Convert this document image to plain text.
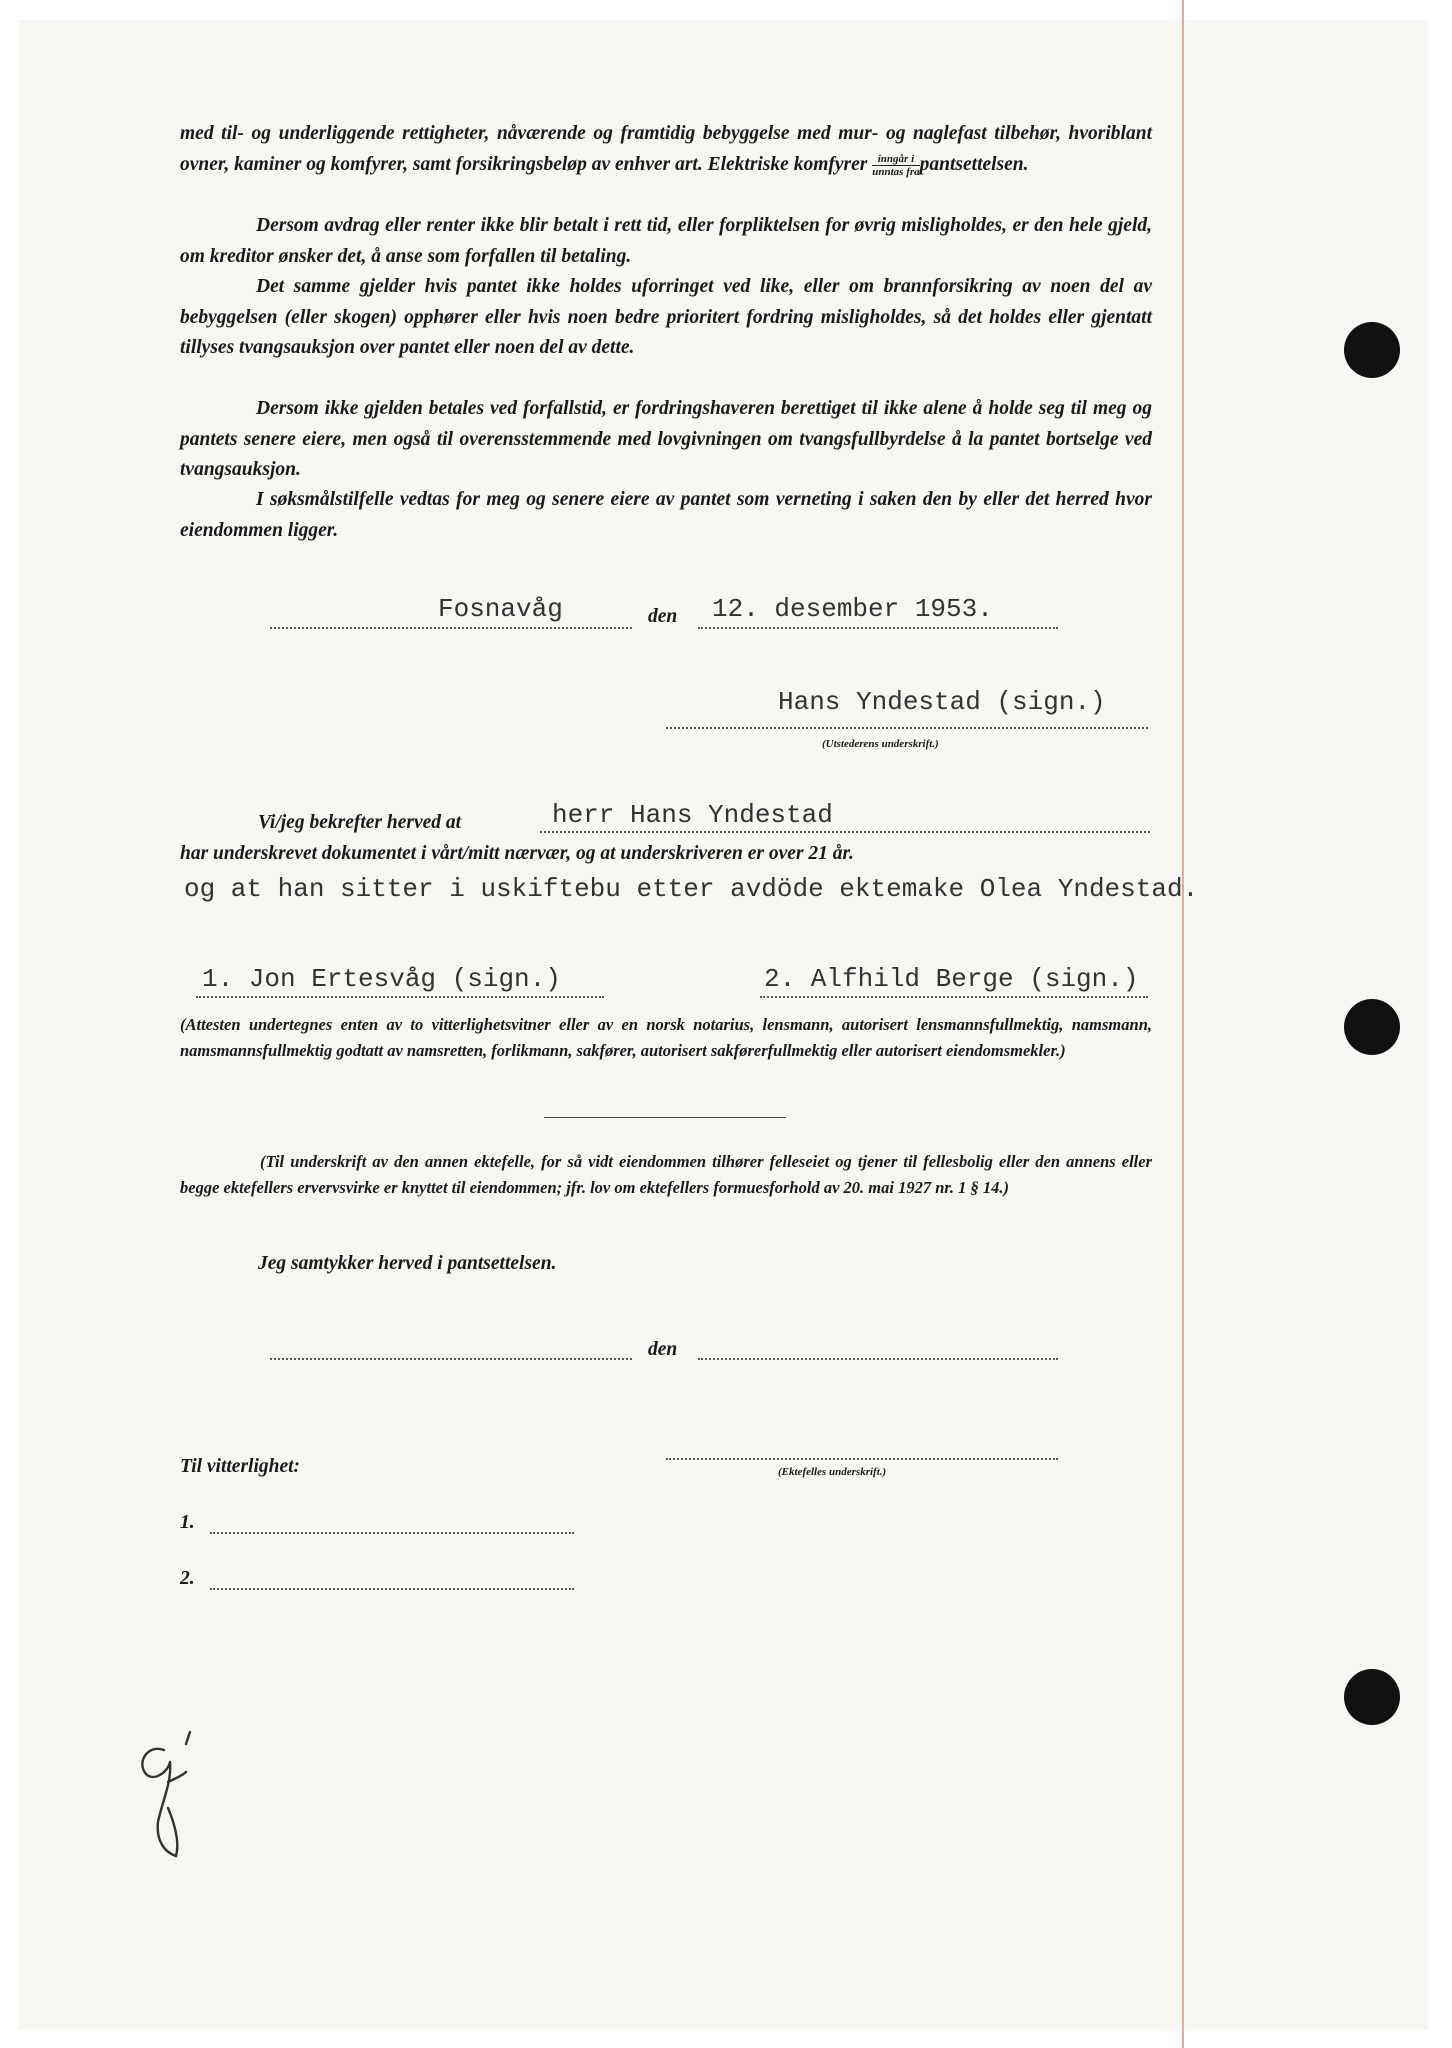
med til- og underliggende rettigheter, nåværende og framtidig bebyggelse med mur- og naglefast tilbehør, hvoriblant ovner, kaminer og komfyrer, samt forsikringsbeløp av enhver art. Elektriske komfyrer $\frac{\text{inngår i}}{\text{unntas fra}}$ pantsettelsen.

Dersom avdrag eller renter ikke blir betalt i rett tid, eller forpliktelsen for øvrig misligholdes, er den hele gjeld, om kreditor ønsker det, å anse som forfallen til betaling.

Det samme gjelder hvis pantet ikke holdes uforringet ved like, eller om brannforsikring av noen del av bebyggelsen (eller skogen) opphører eller hvis noen bedre prioritert fordring misligholdes, så det holdes eller gjentatt tillyses tvangsauksjon over pantet eller noen del av dette.

Dersom ikke gjelden betales ved forfallstid, er fordringshaveren berettiget til ikke alene å holde seg til meg og pantets senere eiere, men også til overensstemmende med lovgivningen om tvangsfullbyrdelse å la pantet bortselge ved tvangsauksjon.

I søksmålstilfelle vedtas for meg og senere eiere av pantet som verneting i saken den by eller det herred hvor eiendommen ligger.

Fosnavåg	den 12. desember 1953.
Hans Yndestad (sign.)
(Utstederens underskrift.)
Vi/jeg bekrefter herved at	herr Hans Yndestad
har underskrevet dokumentet i vårt/mitt nærvær, og at underskriveren er over 21 år.
og at han sitter i uskiftebu etter avdöde ektemake Olea Yndestad.
1. Jon Ertesvåg (sign.)	2. Alfhild Berge (sign.)

(Attesten undertegnes enten av to vitterlighetsvitner eller av en norsk notarius, lensmann, autorisert lensmannsfullmektig, namsmann, namsmannsfullmektig godtatt av namsretten, forlikmann, sakfører, autorisert sakførerfullmektig eller autorisert eiendomsmekler.)

(Til underskrift av den annen ektefelle, for så vidt eiendommen tilhører felleseiet og tjener til fellesbolig eller den annens eller begge ektefellers ervervsvirke er knyttet til eiendommen; jfr. lov om ektefellers formuesforhold av 20. mai 1927 nr. 1 § 14.)

Jeg samtykker herved i pantsettelsen.
den
(Ektefelles underskrift.)
Til vitterlighet:
1.
2.
